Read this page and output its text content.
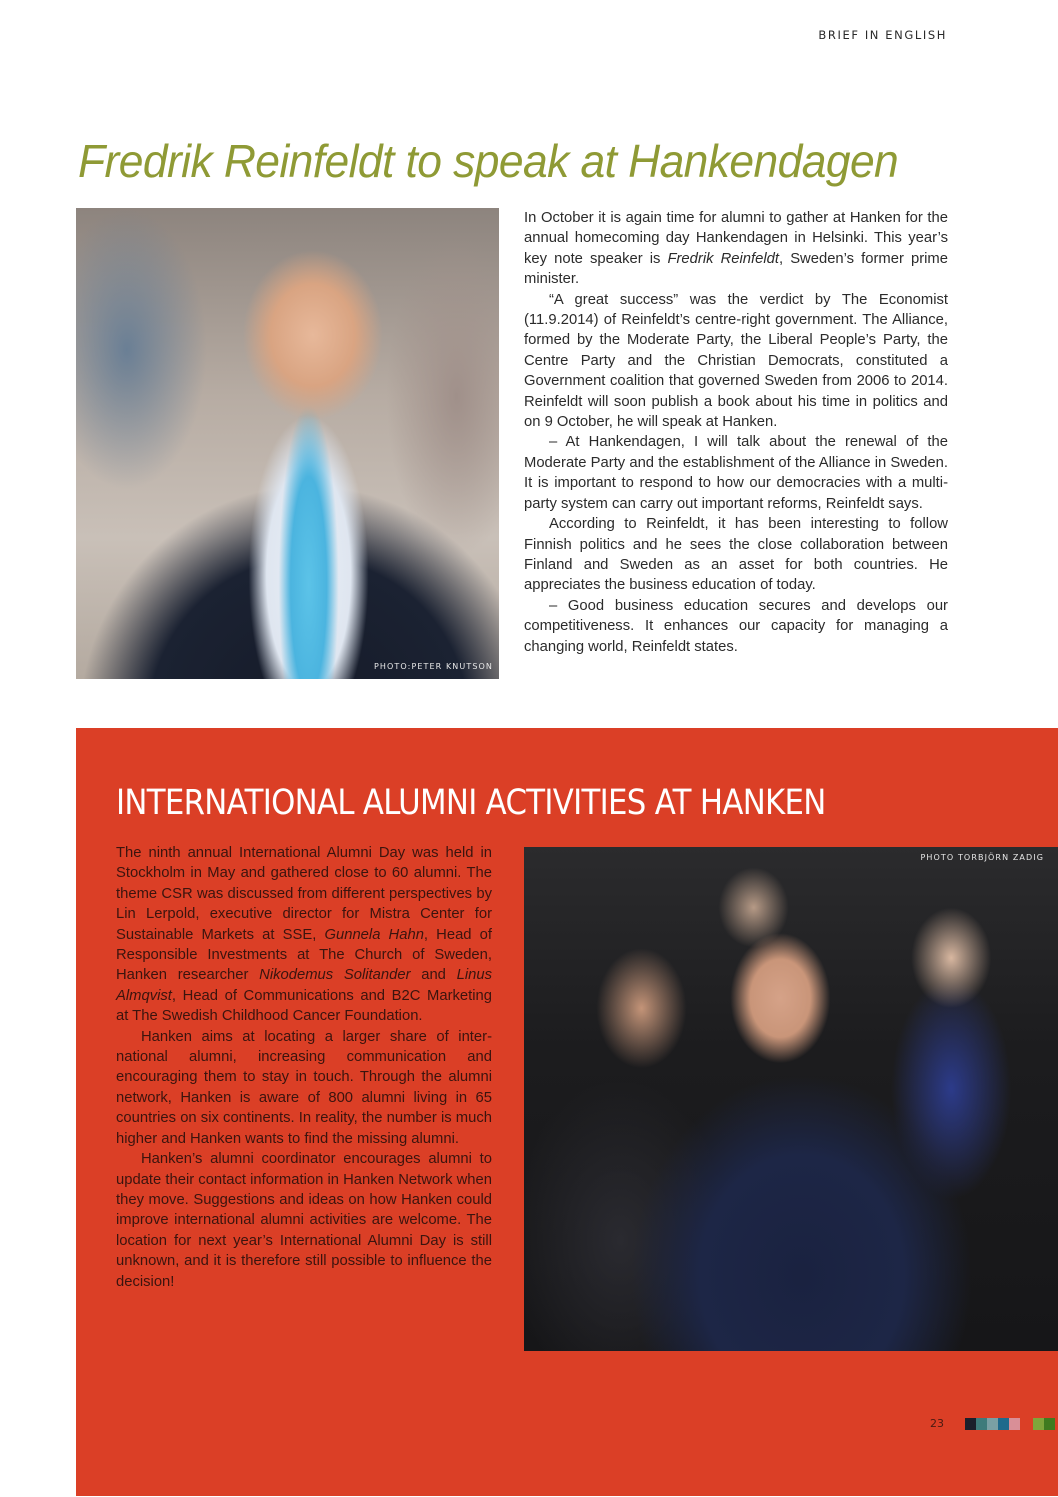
BRIEF IN ENGLISH
Fredrik Reinfeldt to speak at Hankendagen
PHOTO:PETER KNUTSON

In October it is again time for alumni to gather at Hanken for the annual homecoming day Hankendagen in Helsinki. This year’s key note speaker is Fredrik Reinfeldt, Sweden’s former prime minister.

“A great success” was the verdict by The Economist (11.9.2014) of Reinfeldt’s centre-right government. The Alliance, formed by the Moderate Party, the Liberal People’s Party, the Centre Party and the Christian Democrats, constituted a Government coalition that governed Sweden from 2006 to 2014. Reinfeldt will soon publish a book about his time in politics and on 9 October, he will speak at Hanken.

– At Hankendagen, I will talk about the renewal of the Moderate Party and the establishment of the Alliance in Sweden. It is important to respond to how our democracies with a multi-party system can carry out important reforms, Reinfeldt says.

According to Reinfeldt, it has been interesting to follow Finnish politics and he sees the close collaboration between Finland and Sweden as an asset for both countries. He appreciates the business education of today.

– Good business education secures and develops our competitiveness. It enhances our capacity for managing a changing world, Reinfeldt states.

INTERNATIONAL ALUMNI ACTIVITIES AT HANKEN

The ninth annual International Alumni Day was held in Stockholm in May and gathered close to 60 alumni. The theme CSR was discussed from different perspectives by Lin Lerpold, executive director for Mistra Center for Sustainable Markets at SSE, Gunnela Hahn, Head of Responsible Investments at The Church of Sweden, Hanken researcher Nikodemus Solitander and Linus Almqvist, Head of Communications and B2C Marketing at The Swedish Childhood Cancer Foundation.

Hanken aims at locating a larger share of international alumni, increasing communication and encouraging them to stay in touch. Through the alumni network, Hanken is aware of 800 alumni living in 65 countries on six continents. In reality, the number is much higher and Hanken wants to find the missing alumni.

Hanken’s alumni coordinator encourages alumni to update their contact information in Hanken Network when they move. Suggestions and ideas on how Hanken could improve international alumni activities are welcome. The location for next year’s International Alumni Day is still unknown, and it is therefore still possible to influence the decision!

PHOTO TORBJÖRN ZADIG
23
